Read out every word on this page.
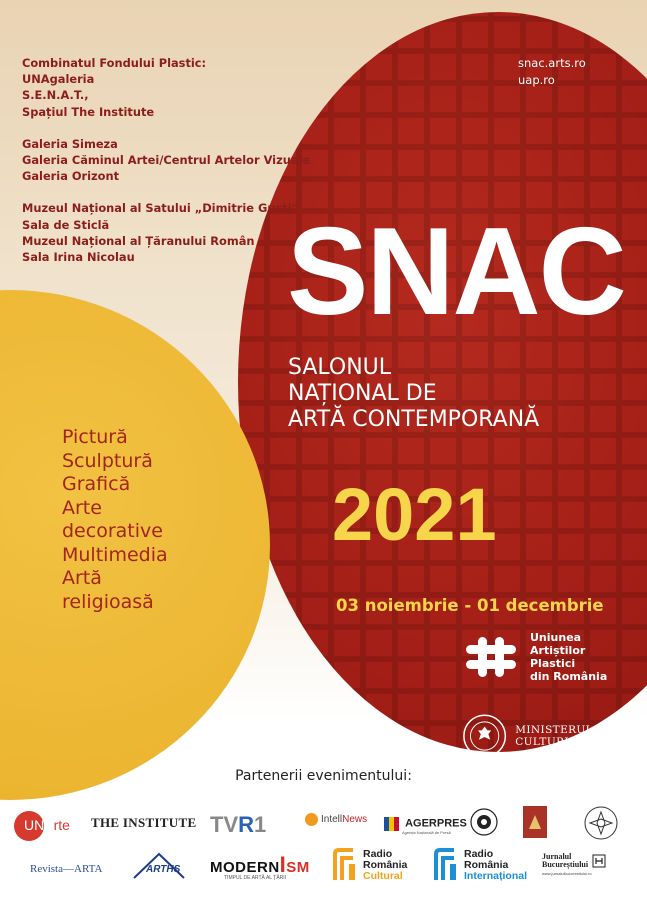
Combinatul Fondului Plastic:
UNAgaleria
S.E.N.A.T.,
Spațiul The Institute
Galeria Simeza
Galeria Căminul Artei/Centrul Artelor Vizuale
Galeria Orizont
Muzeul Național al Satului „Dimitrie Gusti"
Sala de Sticlă
Muzeul Național al Țăranului Român
Sala Irina Nicolau
snac.arts.ro
uap.ro
SNAC
SALONUL
NAȚIONAL DE
ARTĂ CONTEMPORANĂ
2021
03 noiembrie - 01 decembrie
Pictură
Sculptură
Grafică
Arte
decorative
Multimedia
Artă
religioasă
Uniunea
Artiștilor
Plastici
din România
MINISTERUL CULTURII
Partenerii evenimentului:
UNArte THE INSTITUTE TVR1	IntellNews	AGERPRES
Agenția Națională de Presă
Revista—ARTA	ARTHS MODERNISM
TIMPUL DE ARTĂ AL ȚĂRII
Radio
România
Cultural
Radio
România
Internațional
Jurnalul
Bucureștiului
www.jurnalulbucurestiului.ro
